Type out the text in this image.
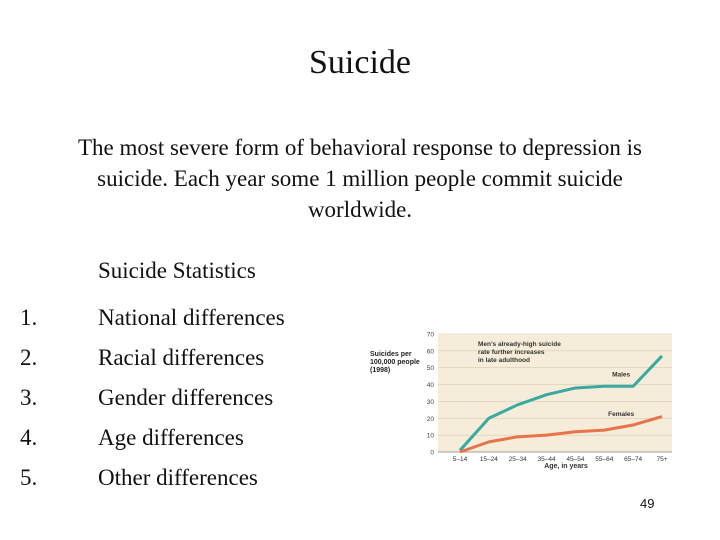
Suicide
The most severe form of behavioral response to depression is suicide. Each year some 1 million people commit suicide worldwide.
Suicide Statistics
1.	National differences
2.	Racial differences
3.	Gender differences
4.	Age differences
5.	Other differences
0
10
20
30
40
50
60
70
5–14 15–24 25–34 35–44 45–54 55–64 65–74 75+
Suicides per
100,000 people
(1998)
Men's already-high suicide
rate further increases
in late adulthood
Males
Females
Age, in years
49
